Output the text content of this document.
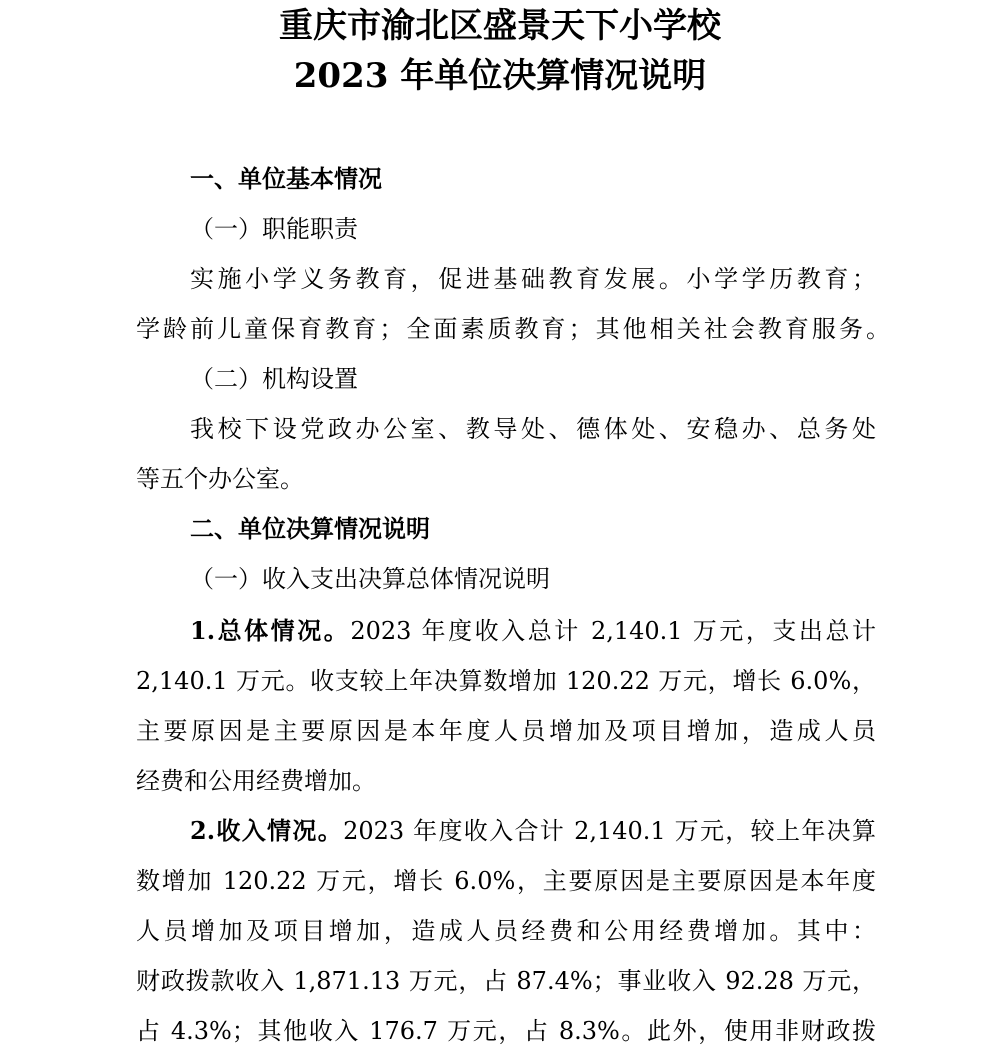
重庆市渝北区盛景天下小学校
2023 年单位决算情况说明

一、单位基本情况

（一）职能职责

实施小学义务教育，促进基础教育发展。小学学历教育；

学龄前儿童保育教育；全面素质教育；其他相关社会教育服务。

（二）机构设置

我校下设党政办公室、教导处、德体处、安稳办、总务处

等五个办公室。

二、单位决算情况说明

（一）收入支出决算总体情况说明

1.总体情况。2023 年度收入总计 2,140.1 万元，支出总计

2,140.1 万元。收支较上年决算数增加 120.22 万元，增长 6.0%，

主要原因是主要原因是本年度人员增加及项目增加，造成人员

经费和公用经费增加。

2.收入情况。2023 年度收入合计 2,140.1 万元，较上年决算

数增加 120.22 万元，增长 6.0%，主要原因是主要原因是本年度

人员增加及项目增加，造成人员经费和公用经费增加。其中：

财政拨款收入 1,871.13 万元，占 87.4%；事业收入 92.28 万元，

占 4.3%；其他收入 176.7 万元，占 8.3%。此外，使用非财政拨
